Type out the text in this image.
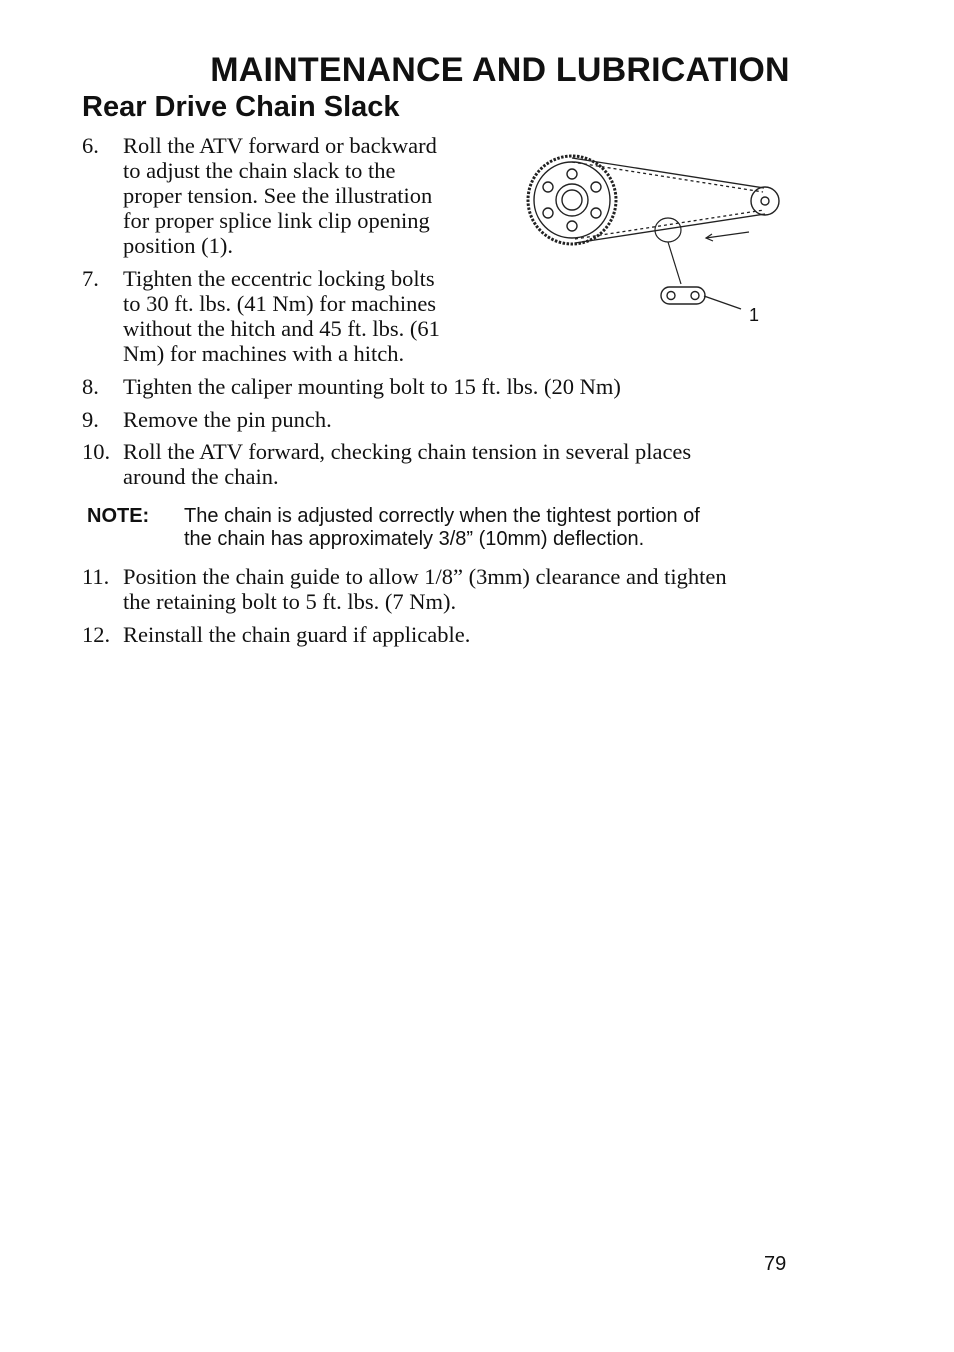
MAINTENANCE AND LUBRICATION
Rear Drive Chain Slack
6. Roll the ATV forward or backward
to adjust the chain slack to the
proper tension. See the illustration
for proper splice link clip opening
position (1).
7. Tighten the eccentric locking bolts
to 30 ft. lbs. (41 Nm) for machines
without the hitch and 45 ft. lbs. (61
Nm) for machines with a hitch.
8. Tighten the caliper mounting bolt to 15 ft. lbs. (20 Nm)
9. Remove the pin punch.
10. Roll the ATV forward, checking chain tension in several places
around the chain.
NOTE: The chain is adjusted correctly when the tightest portion of
the chain has approximately 3/8” (10mm) deflection.
11. Position the chain guide to allow 1/8” (3mm) clearance and tighten
the retaining bolt to 5 ft. lbs. (7 Nm).
12. Reinstall the chain guard if applicable.
1
79
